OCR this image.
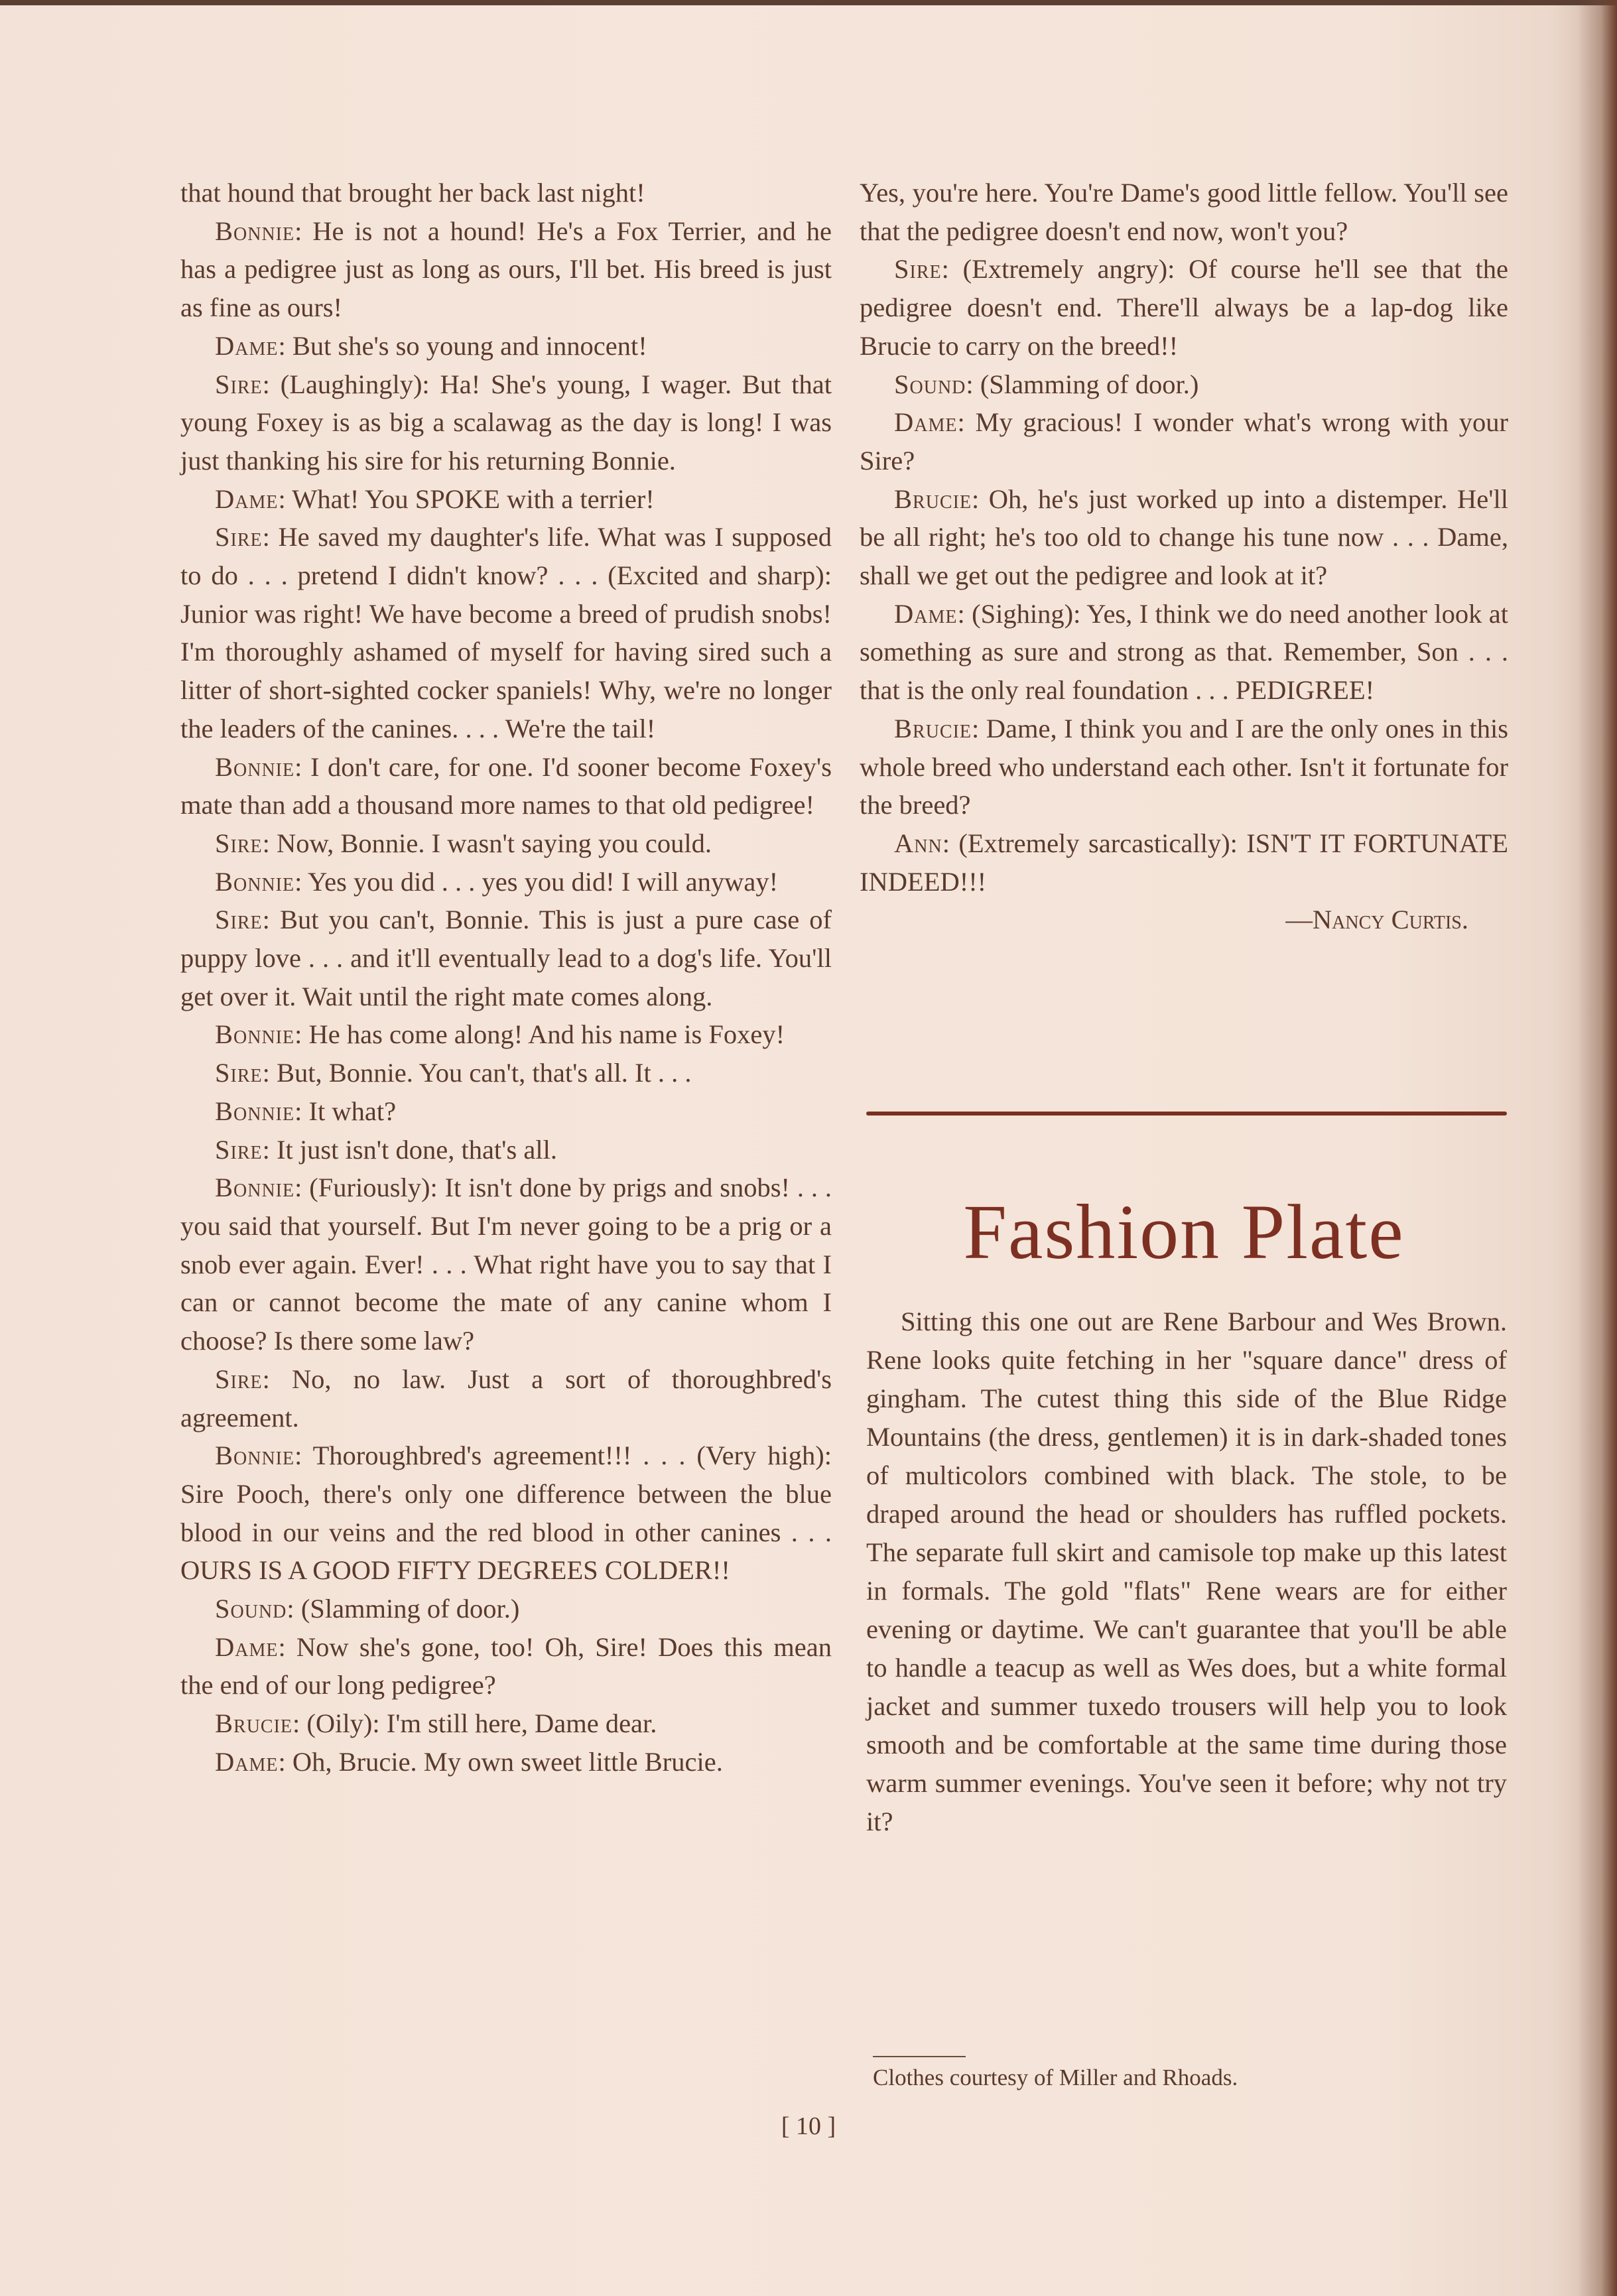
that hound that brought her back last night!

Bonnie: He is not a hound! He's a Fox Terrier, and he has a pedigree just as long as ours, I'll bet. His breed is just as fine as ours!

Dame: But she's so young and innocent!

Sire: (Laughingly): Ha! She's young, I wager. But that young Foxey is as big a scalawag as the day is long! I was just thanking his sire for his returning Bonnie.

Dame: What! You SPOKE with a terrier!

Sire: He saved my daughter's life. What was I supposed to do . . . pretend I didn't know? . . . (Excited and sharp): Junior was right! We have become a breed of prudish snobs! I'm thoroughly ashamed of myself for having sired such a litter of short-sighted cocker spaniels! Why, we're no longer the leaders of the canines. . . . We're the tail!

Bonnie: I don't care, for one. I'd sooner become Foxey's mate than add a thousand more names to that old pedigree!

Sire: Now, Bonnie. I wasn't saying you could.

Bonnie: Yes you did . . . yes you did! I will anyway!

Sire: But you can't, Bonnie. This is just a pure case of puppy love . . . and it'll eventually lead to a dog's life. You'll get over it. Wait until the right mate comes along.

Bonnie: He has come along! And his name is Foxey!

Sire: But, Bonnie. You can't, that's all. It . . .

Bonnie: It what?

Sire: It just isn't done, that's all.

Bonnie: (Furiously): It isn't done by prigs and snobs! . . . you said that yourself. But I'm never going to be a prig or a snob ever again. Ever! . . . What right have you to say that I can or cannot become the mate of any canine whom I choose? Is there some law?

Sire: No, no law. Just a sort of thoroughbred's agreement.

Bonnie: Thoroughbred's agreement!!! . . . (Very high): Sire Pooch, there's only one difference between the blue blood in our veins and the red blood in other canines . . . OURS IS A GOOD FIFTY DEGREES COLDER!!

Sound: (Slamming of door.)

Dame: Now she's gone, too! Oh, Sire! Does this mean the end of our long pedigree?

Brucie: (Oily): I'm still here, Dame dear.

Dame: Oh, Brucie. My own sweet little Brucie.

Yes, you're here. You're Dame's good little fellow. You'll see that the pedigree doesn't end now, won't you?

Sire: (Extremely angry): Of course he'll see that the pedigree doesn't end. There'll always be a lap-dog like Brucie to carry on the breed!!

Sound: (Slamming of door.)

Dame: My gracious! I wonder what's wrong with your Sire?

Brucie: Oh, he's just worked up into a distemper. He'll be all right; he's too old to change his tune now . . . Dame, shall we get out the pedigree and look at it?

Dame: (Sighing): Yes, I think we do need another look at something as sure and strong as that. Remember, Son . . . that is the only real foundation . . . PEDIGREE!

Brucie: Dame, I think you and I are the only ones in this whole breed who understand each other. Isn't it fortunate for the breed?

Ann: (Extremely sarcastically): ISN'T IT FORTUNATE INDEED!!!

—Nancy Curtis.

Fashion Plate

Sitting this one out are Rene Barbour and Wes Brown. Rene looks quite fetching in her "square dance" dress of gingham. The cutest thing this side of the Blue Ridge Mountains (the dress, gentlemen) it is in dark-shaded tones of multicolors combined with black. The stole, to be draped around the head or shoulders has ruffled pockets. The separate full skirt and camisole top make up this latest in formals. The gold "flats" Rene wears are for either evening or daytime. We can't guarantee that you'll be able to handle a teacup as well as Wes does, but a white formal jacket and summer tuxedo trousers will help you to look smooth and be comfortable at the same time during those warm summer evenings. You've seen it before; why not try it?

Clothes courtesy of Miller and Rhoads.
[ 10 ]
